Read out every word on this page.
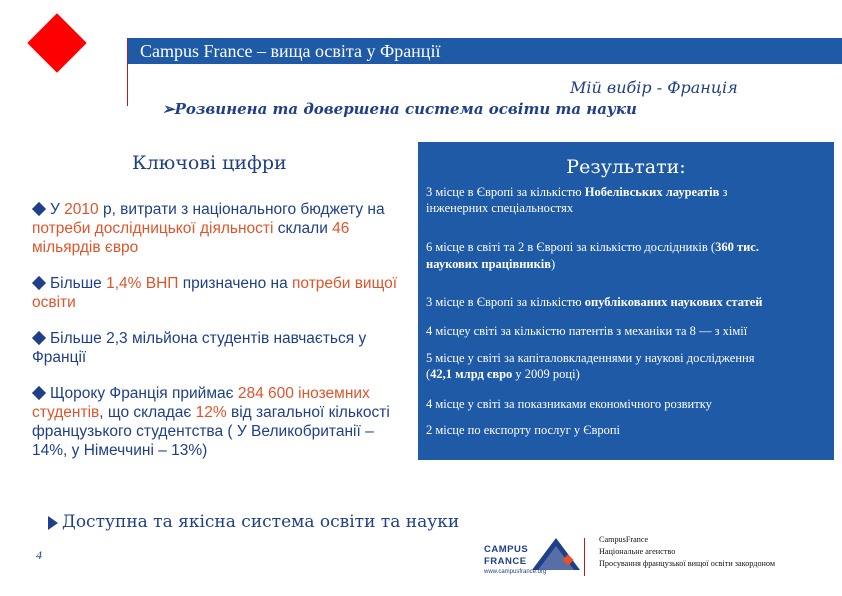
Campus France – вища освіта у Франції
Мій вибір - Франція
➢Розвинена та довершена система освіти та науки
Ключові цифри
У 2010 р, витрати з національного бюджету на потреби дослідницької діяльності склали 46 мільярдів євро
Більше 1,4% ВНП призначено на потреби вищої освіти
Більше 2,3 мільйона студентів навчається у Франції
Щороку Франція приймає 284 600 іноземних студентів, що складає 12% від загальної кількості французького студентства ( У Великобританії – 14%, у Німеччині – 13%)
Результати:
3 місце в Європі за кількістю Нобелівських лауреатів з
інженерних спеціальностях
6 місце в світі та 2 в Європі за кількістю дослідників (360 тис.
наукових працівників)
3 місце в Європі за кількістю опублікованих наукових статей
4 місцеу світі за кількістю патентів з механіки та 8 — з хімії
5 місце у світі за капіталовкладеннями у наукові дослідження
(42,1 млрд євро у 2009 році)
4 місце у світі за показниками економічного розвитку
2 місце по експорту послуг у Європі
Доступна та якісна система освіти та науки
4	CAMPUS
FRANCE
www.campusfrance.org
CampusFrance
Національне агенство
Просування французької вищої освіти закордоном
